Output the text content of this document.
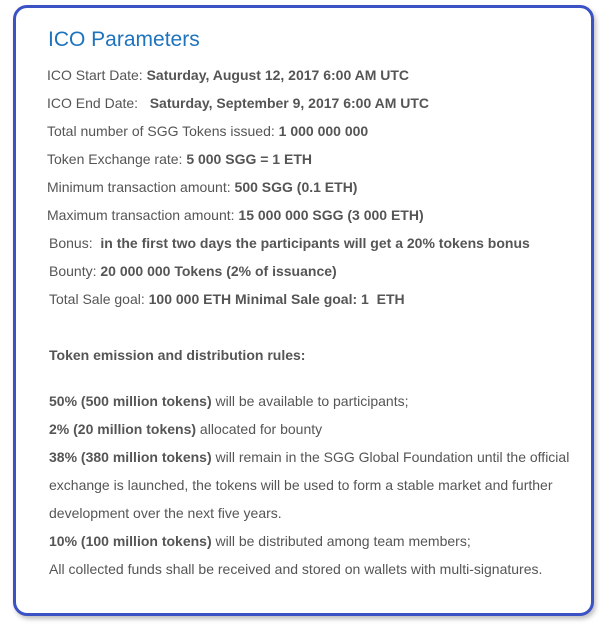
ICO Parameters
ICO Start Date: Saturday, August 12, 2017 6:00 AM UTC
ICO End Date:   Saturday, September 9, 2017 6:00 AM UTC
Total number of SGG Tokens issued: 1 000 000 000
Token Exchange rate: 5 000 SGG = 1 ETH
Minimum transaction amount: 500 SGG (0.1 ETH)
Maximum transaction amount: 15 000 000 SGG (3 000 ETH)
Bonus:  in the first two days the participants will get a 20% tokens bonus
Bounty: 20 000 000 Tokens (2% of issuance)
Total Sale goal: 100 000 ETH Minimal Sale goal: 1  ETH
Token emission and distribution rules:
50% (500 million tokens) will be available to participants;
2% (20 million tokens) allocated for bounty
38% (380 million tokens) will remain in the SGG Global Foundation until the official
exchange is launched, the tokens will be used to form a stable market and further
development over the next five years.
10% (100 million tokens) will be distributed among team members;
All collected funds shall be received and stored on wallets with multi-signatures.
